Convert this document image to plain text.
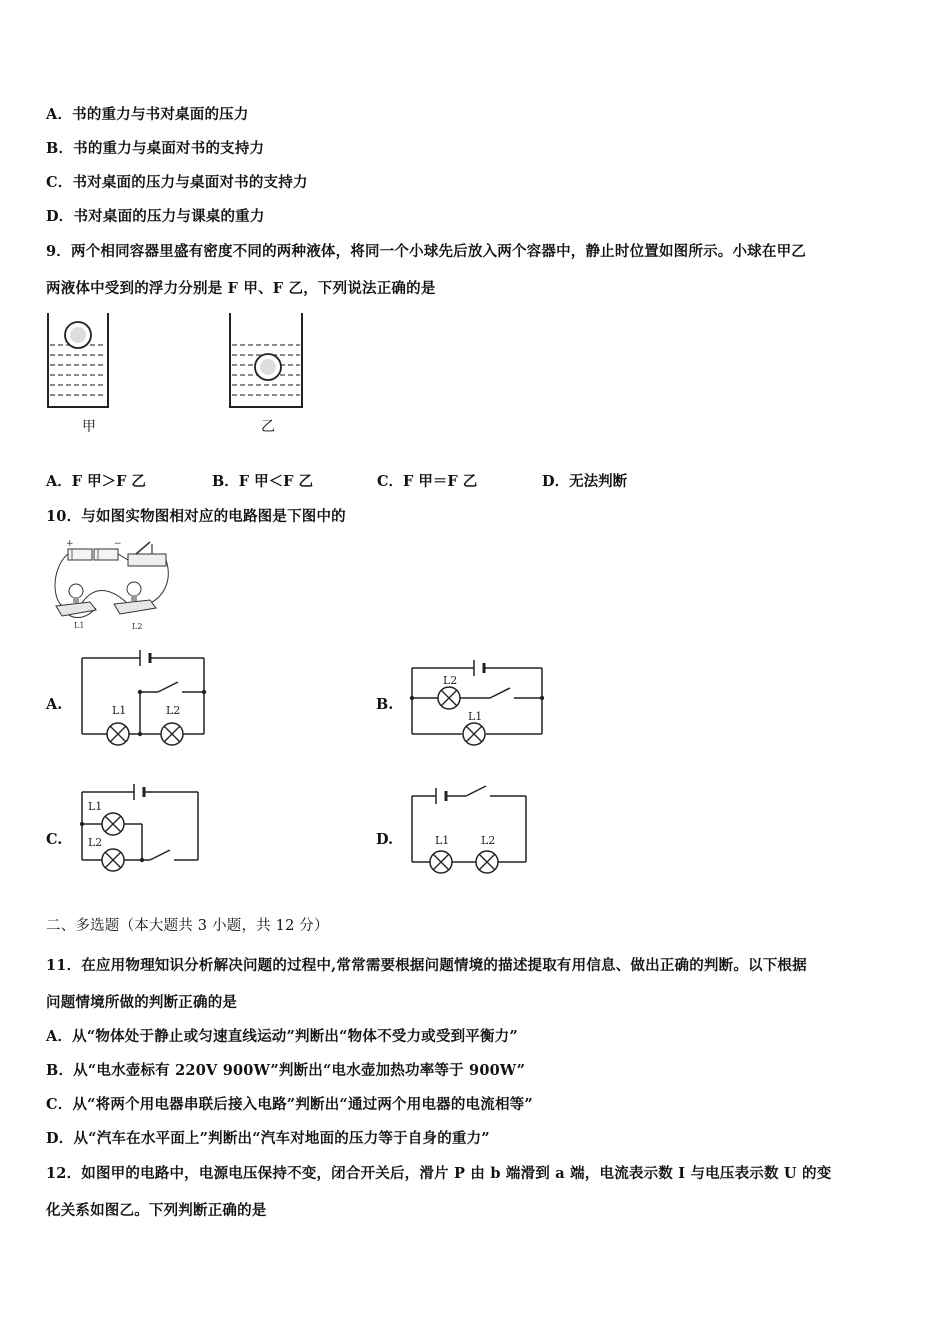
A．书的重力与书对桌面的压力
B．书的重力与桌面对书的支持力
C．书对桌面的压力与桌面对书的支持力
D．书对桌面的压力与课桌的重力
9．两个相同容器里盛有密度不同的两种液体，将同一个小球先后放入两个容器中，静止时位置如图所示。小球在甲乙
两液体中受到的浮力分别是 F 甲、F 乙，下列说法正确的是
甲	乙
A．F 甲＞F 乙	B．F 甲＜F 乙	C．F 甲＝F 乙	D．无法判断
10．与如图实物图相对应的电路图是下图中的
+	−
L1	L2
A.	L1	L2	B.
L2
L1
C.
L1
L2	D.	L1	L2
二、多选题（本大题共 3 小题，共 12 分）
11．在应用物理知识分析解决问题的过程中,常常需要根据问题情境的描述提取有用信息、做出正确的判断。以下根据
问题情境所做的判断正确的是
A．从“物体处于静止或匀速直线运动”判断出“物体不受力或受到平衡力”
B．从“电水壶标有 220V 900W”判断出“电水壶加热功率等于 900W”
C．从“将两个用电器串联后接入电路”判断出“通过两个用电器的电流相等”
D．从“汽车在水平面上”判断出“汽车对地面的压力等于自身的重力”
12．如图甲的电路中，电源电压保持不变，闭合开关后，滑片 P 由 b 端滑到 a 端，电流表示数 I 与电压表示数 U 的变
化关系如图乙。下列判断正确的是
